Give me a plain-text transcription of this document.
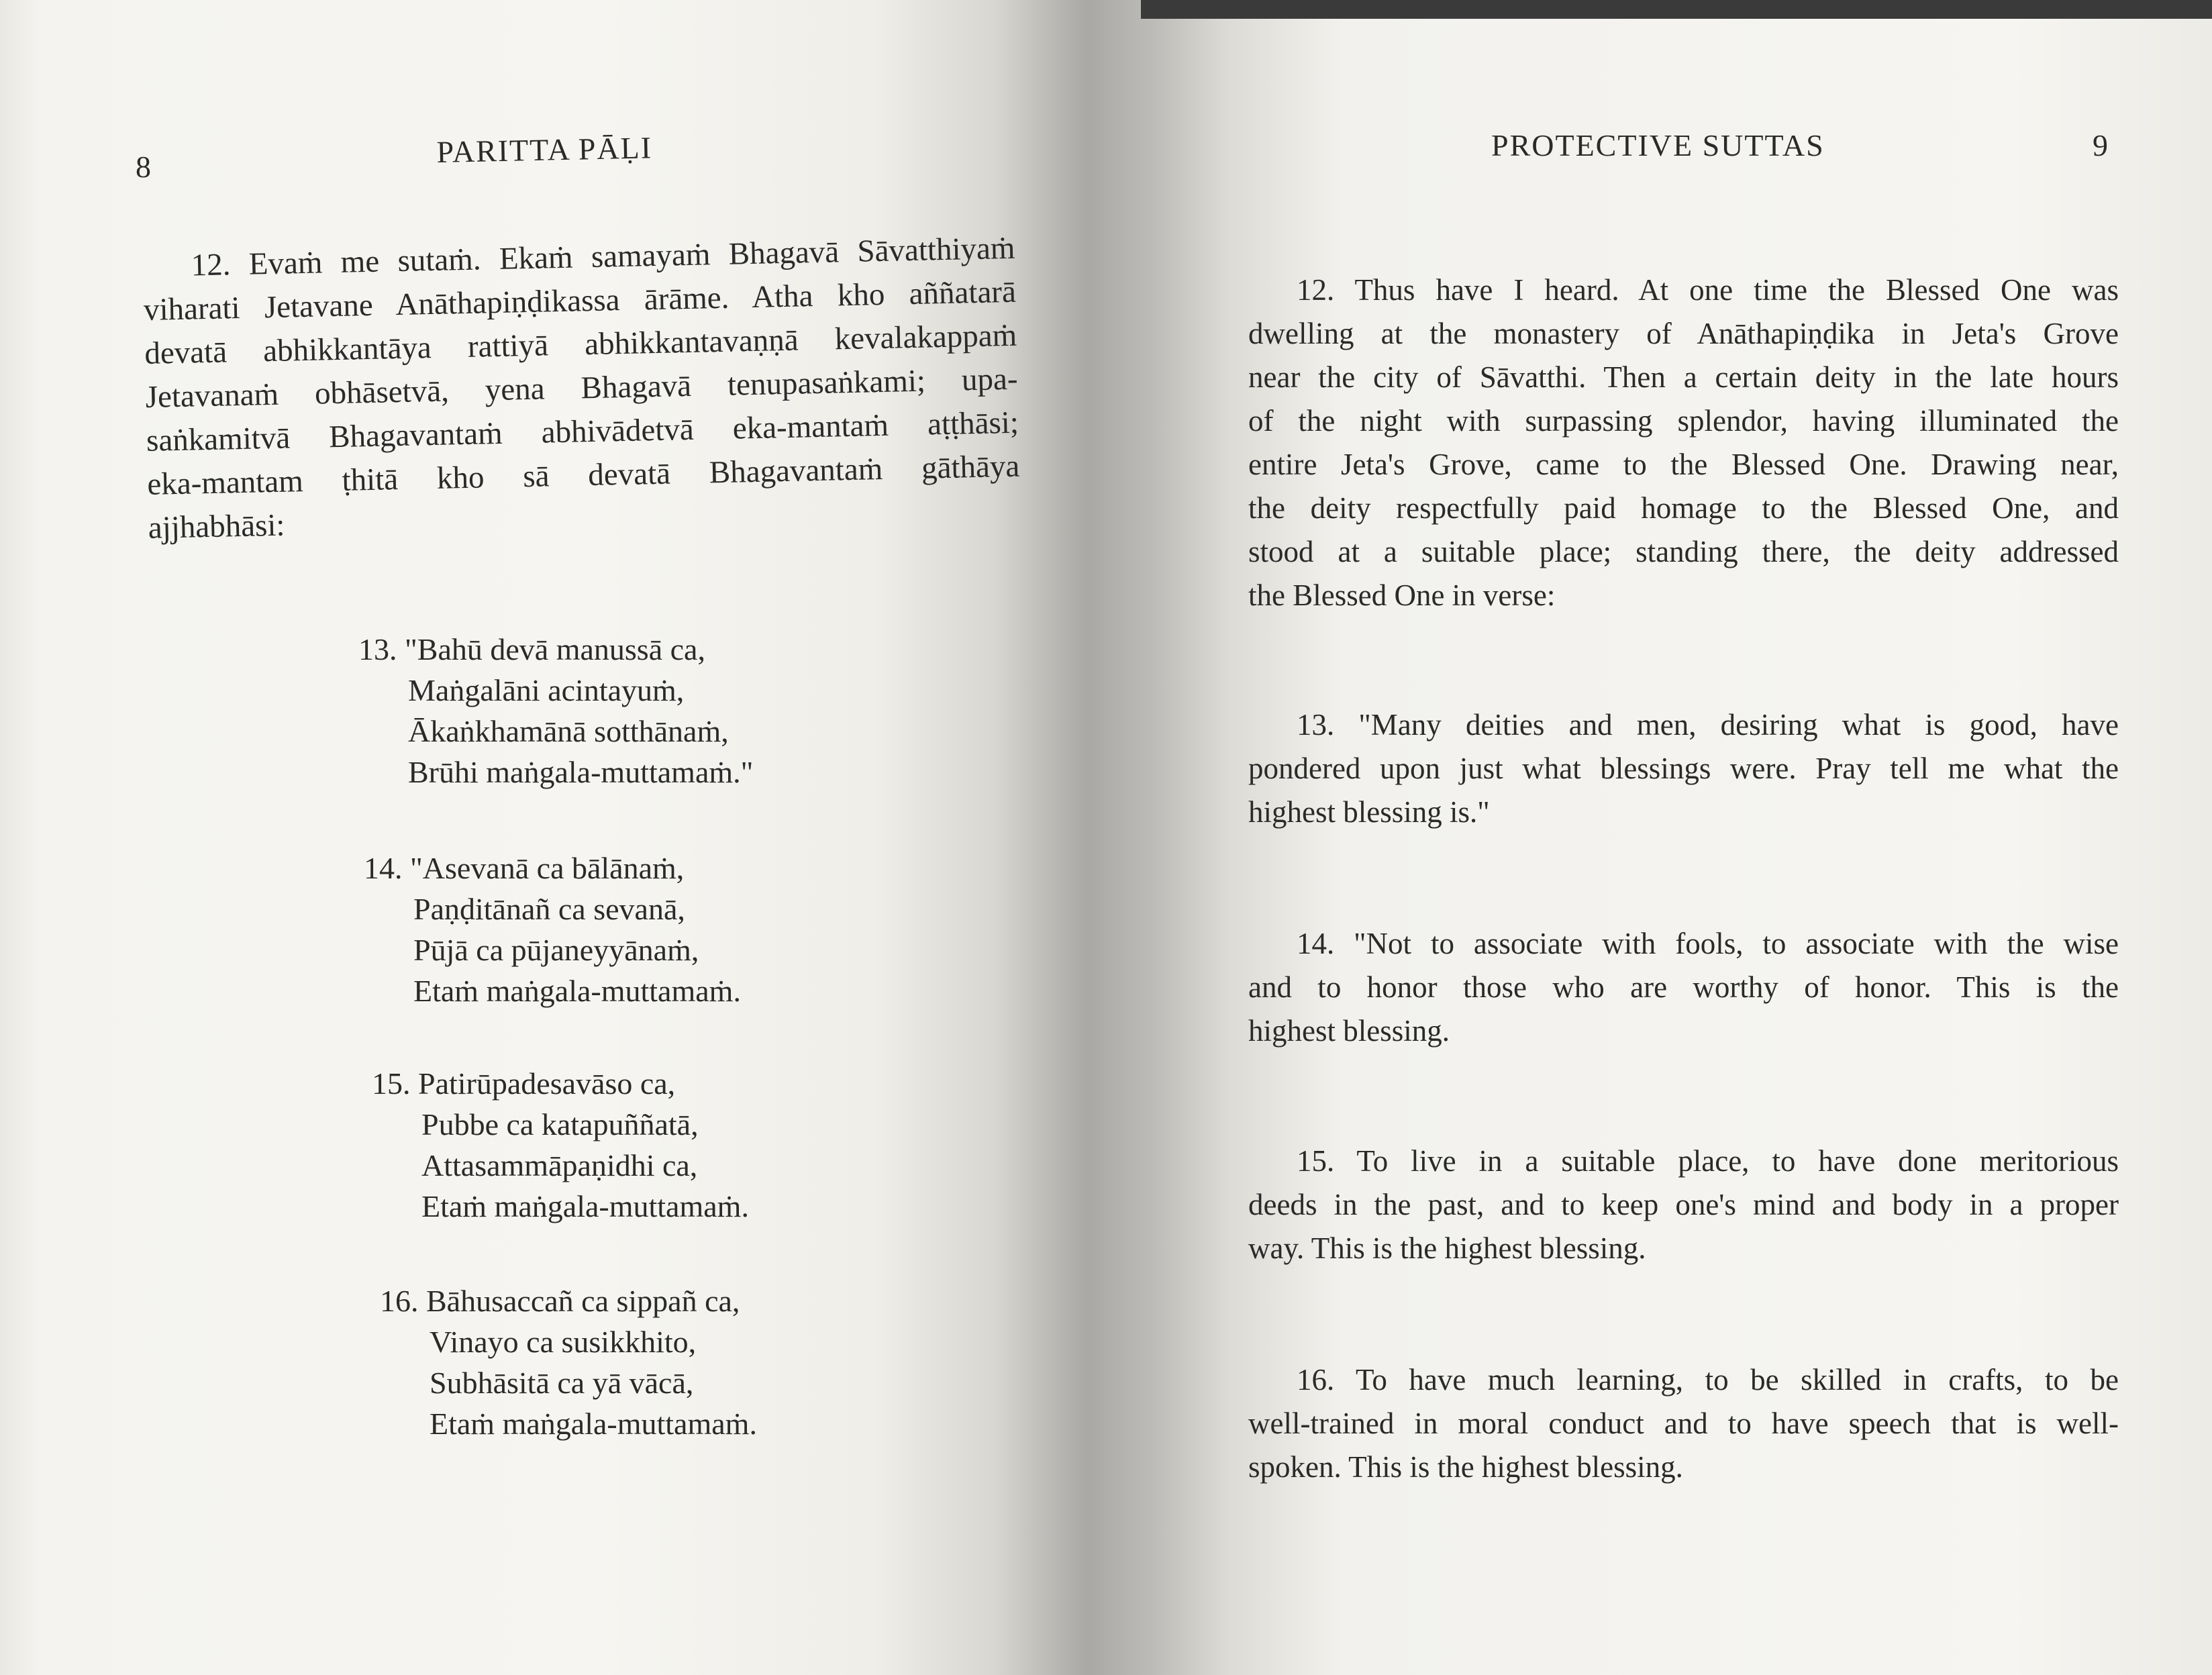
8	PARITTA PĀḶI
12. Evaṁ me sutaṁ. Ekaṁ samayaṁ Bhagavā Sāvatthiyaṁ
viharati Jetavane Anāthapiṇḍikassa ārāme. Atha kho aññatarā
devatā abhikkantāya rattiyā abhikkantavaṇṇā kevalakappaṁ
Jetavanaṁ obhāsetvā, yena Bhagavā tenupasaṅkami; upa-
saṅkamitvā Bhagavantaṁ abhivādetvā eka-mantaṁ aṭṭhāsi;
eka-mantam ṭhitā kho sā devatā Bhagavantaṁ gāthāya
ajjhabhāsi:
13. "Bahū devā manussā ca,
Maṅgalāni acintayuṁ,
Ākaṅkhamānā sotthānaṁ,
Brūhi maṅgala-muttamaṁ."
14. "Asevanā ca bālānaṁ,
Paṇḍitānañ ca sevanā,
Pūjā ca pūjaneyyānaṁ,
Etaṁ maṅgala-muttamaṁ.
15. Patirūpadesavāso ca,
Pubbe ca katapuññatā,
Attasammāpaṇidhi ca,
Etaṁ maṅgala-muttamaṁ.
16. Bāhusaccañ ca sippañ ca,
Vinayo ca susikkhito,
Subhāsitā ca yā vācā,
Etaṁ maṅgala-muttamaṁ.
PROTECTIVE SUTTAS	9
12. Thus have I heard. At one time the Blessed One was
dwelling at the monastery of Anāthapiṇḍika in Jeta's Grove
near the city of Sāvatthi. Then a certain deity in the late hours
of the night with surpassing splendor, having illuminated the
entire Jeta's Grove, came to the Blessed One. Drawing near,
the deity respectfully paid homage to the Blessed One, and
stood at a suitable place; standing there, the deity addressed
the Blessed One in verse:
13. "Many deities and men, desiring what is good, have
pondered upon just what blessings were. Pray tell me what the
highest blessing is."
14. "Not to associate with fools, to associate with the wise
and to honor those who are worthy of honor. This is the
highest blessing.
15. To live in a suitable place, to have done meritorious
deeds in the past, and to keep one's mind and body in a proper
way. This is the highest blessing.
16. To have much learning, to be skilled in crafts, to be
well-trained in moral conduct and to have speech that is well-
spoken. This is the highest blessing.
